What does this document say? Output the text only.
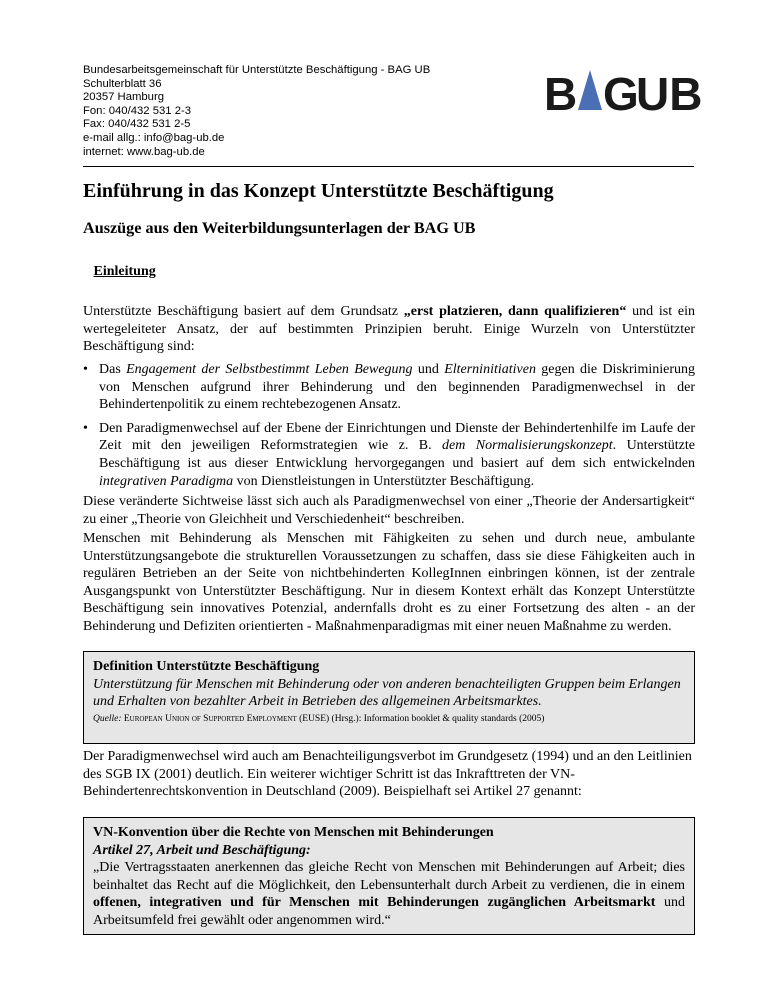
Bundesarbeitsgemeinschaft für Unterstützte Beschäftigung - BAG UB
Schulterblatt 36
20357 Hamburg
Fon: 040/432 531 2-3
Fax: 040/432 531 2-5
e-mail allg.: info@bag-ub.de
internet: www.bag-ub.de
B G
UB
Einführung in das Konzept Unterstützte Beschäftigung
Auszüge aus den Weiterbildungsunterlagen der BAG UB
Einleitung
Unterstützte Beschäftigung basiert auf dem Grundsatz „erst platzieren, dann qualifizieren“ und ist ein wertegeleiteter Ansatz, der auf bestimmten Prinzipien beruht. Einige Wurzeln von Unterstützter Beschäftigung sind:
• Das Engagement der Selbstbestimmt Leben Bewegung und Elterninitiativen gegen die Diskriminierung von Menschen aufgrund ihrer Behinderung und den beginnenden Paradigmenwechsel in der Behindertenpolitik zu einem rechtebezogenen Ansatz.
• Den Paradigmenwechsel auf der Ebene der Einrichtungen und Dienste der Behindertenhilfe im Laufe der Zeit mit den jeweiligen Reformstrategien wie z. B. dem Normalisierungskonzept. Unterstützte Beschäftigung ist aus dieser Entwicklung hervorgegangen und basiert auf dem sich entwickelnden integrativen Paradigma von Dienstleistungen in Unterstützter Beschäftigung.
Diese veränderte Sichtweise lässt sich auch als Paradigmenwechsel von einer „Theorie der Andersartigkeit“ zu einer „Theorie von Gleichheit und Verschiedenheit“ beschreiben.
Menschen mit Behinderung als Menschen mit Fähigkeiten zu sehen und durch neue, ambulante Unterstützungsangebote die strukturellen Voraussetzungen zu schaffen, dass sie diese Fähigkeiten auch in regulären Betrieben an der Seite von nichtbehinderten KollegInnen einbringen können, ist der zentrale Ausgangspunkt von Unterstützter Beschäftigung. Nur in diesem Kontext erhält das Konzept Unterstützte Beschäftigung sein innovatives Potenzial, andernfalls droht es zu einer Fortsetzung des alten - an der Behinderung und Defiziten orientierten - Maßnahmenparadigmas mit einer neuen Maßnahme zu werden.
Definition Unterstützte Beschäftigung
Unterstützung für Menschen mit Behinderung oder von anderen benachteiligten Gruppen beim Erlangen und Erhalten von bezahlter Arbeit in Betrieben des allgemeinen Arbeitsmarktes.
Quelle: European Union of Supported Employment (EUSE) (Hrsg.): Information booklet & quality standards (2005)
Der Paradigmenwechsel wird auch am Benachteiligungsverbot im Grundgesetz (1994) und an den Leitlinien des SGB IX (2001) deutlich. Ein weiterer wichtiger Schritt ist das Inkrafttreten der VN-Behindertenrechtskonvention in Deutschland (2009). Beispielhaft sei Artikel 27 genannt:
VN-Konvention über die Rechte von Menschen mit Behinderungen
Artikel 27, Arbeit und Beschäftigung:
„Die Vertragsstaaten anerkennen das gleiche Recht von Menschen mit Behinderungen auf Arbeit; dies beinhaltet das Recht auf die Möglichkeit, den Lebensunterhalt durch Arbeit zu verdienen, die in einem offenen, integrativen und für Menschen mit Behinderungen zugänglichen Arbeitsmarkt und Arbeitsumfeld frei gewählt oder angenommen wird.“
